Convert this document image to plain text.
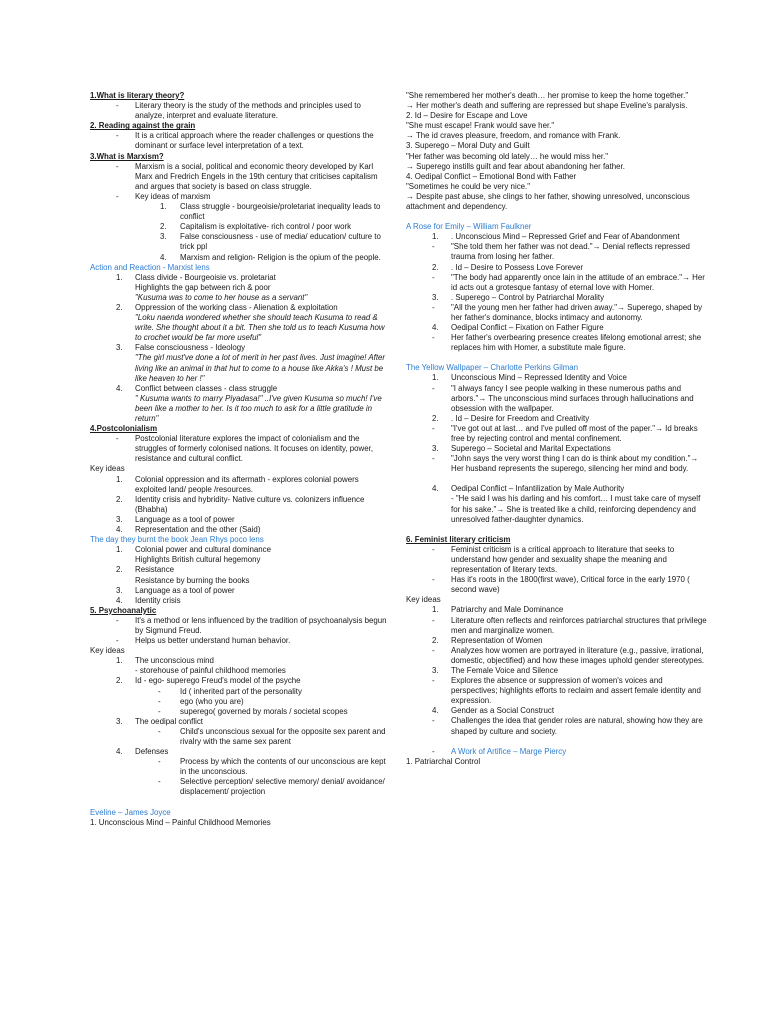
1.What is literary theory?
- Literary theory is the study of the methods and principles used to analyze, interpret and evaluate literature.
2. Reading against the grain
- It is a critical approach where the reader challenges or questions the dominant or surface level interpretation of a text.
3.What is Marxism?
- Marxism is a social, political and economic theory developed by Karl Marx and Fredrich Engels in the 19th century that criticises capitalism and argues that society is based on class struggle.
- Key ideas of marxism
1. Class struggle - bourgeoisie/proletariat inequality leads to conflict
2. Capitalism is exploitative- rich control / poor work
3. False consciousness - use of media/ education/ culture to trick ppl
4. Marxism and religion- Religion is the opium of the people.
Action and Reaction - Marxist lens
1. Class divide - Bourgeoisie vs. proletariat
Highlights the gap between rich & poor
"Kusuma was to come to her house as a servant"
2. Oppression of the working class - Alienation & exploitation
"Loku naenda wondered whether she should teach Kusuma to read & write. She thought about it a bit. Then she told us to teach Kusuma how to crochet would be far more useful"
3. False consciousness - Ideology
"The girl must've done a lot of merit in her past lives. Just imagine! After living like an animal in that hut to come to a house like Akka's ! Must be like heaven to her !"
4. Conflict between classes - class struggle
" Kusuma wants to marry Piyadasa!" ..I've given Kusuma so much! I've been like a mother to her. Is it too much to ask for a little gratitude in return"
4.Postcolonialism
- Postcolonial literature explores the impact of colonialism and the struggles of formerly colonised nations. It focuses on identity, power, resistance and cultural conflict.
Key ideas
1. Colonial oppression and its aftermath - explores colonial powers exploited land/ people /resources.
2. Identity crisis and hybridity- Native culture vs. colonizers influence (Bhabha)
3. Language as a tool of power
4. Representation and the other (Said)
The day they burnt the book Jean Rhys poco lens
1. Colonial power and cultural dominance
Highlights British cultural hegemony
2. Resistance
Resistance by burning the books
3. Language as a tool of power
4. Identity crisis
5. Psychoanalytic
- It's a method or lens influenced by the tradition of psychoanalysis begun by Sigmund Freud.
- Helps us better understand human behavior.
Key ideas
1. The unconscious mind
- storehouse of painful childhood memories
2. Id - ego- superego Freud's model of the psyche
- Id ( inherited part of the personality
- ego (who you are)
- superego( governed by morals / societal scopes
3. The oedipal conflict
- Child's unconscious sexual for the opposite sex parent and rivalry with the same sex parent
4. Defenses
- Process by which the contents of our unconscious are kept in the unconscious.
- Selective perception/ selective memory/ denial/ avoidance/ displacement/ projection
Eveline – James Joyce
1. Unconscious Mind – Painful Childhood Memories
"She remembered her mother's death… her promise to keep the home together."
→ Her mother's death and suffering are repressed but shape Eveline's paralysis.
2. Id – Desire for Escape and Love
"She must escape! Frank would save her."
→ The id craves pleasure, freedom, and romance with Frank.
3. Superego – Moral Duty and Guilt
"Her father was becoming old lately… he would miss her."
→ Superego instills guilt and fear about abandoning her father.
4. Oedipal Conflict – Emotional Bond with Father
"Sometimes he could be very nice."
→ Despite past abuse, she clings to her father, showing unresolved, unconscious attachment and dependency.
A Rose for Emily – William Faulkner
1. . Unconscious Mind – Repressed Grief and Fear of Abandonment
- "She told them her father was not dead."→ Denial reflects repressed trauma from losing her father.
2. . Id – Desire to Possess Love Forever
- "The body had apparently once lain in the attitude of an embrace."→ Her id acts out a grotesque fantasy of eternal love with Homer.
3. . Superego – Control by Patriarchal Morality
- "All the young men her father had driven away."→ Superego, shaped by her father's dominance, blocks intimacy and autonomy.
4. Oedipal Conflict – Fixation on Father Figure
- Her father's overbearing presence creates lifelong emotional arrest; she replaces him with Homer, a substitute male figure.
The Yellow Wallpaper – Charlotte Perkins Gilman
1. Unconscious Mind – Repressed Identity and Voice
- "I always fancy I see people walking in these numerous paths and arbors."→ The unconscious mind surfaces through hallucinations and obsession with the wallpaper.
2. . Id – Desire for Freedom and Creativity
- "I've got out at last… and I've pulled off most of the paper."→ Id breaks free by rejecting control and mental confinement.
3. Superego – Societal and Marital Expectations
- "John says the very worst thing I can do is think about my condition."→ Her husband represents the superego, silencing her mind and body.
4. Oedipal Conflict – Infantilization by Male Authority
- "He said I was his darling and his comfort… I must take care of myself for his sake."→ She is treated like a child, reinforcing dependency and unresolved father-daughter dynamics.
6. Feminist literary criticism
- Feminist criticism is a critical approach to literature that seeks to understand how gender and sexuality shape the meaning and representation of literary texts.
- Has it's roots in the 1800(first wave), Critical force in the early 1970 ( second wave)
Key ideas
1. Patriarchy and Male Dominance
- Literature often reflects and reinforces patriarchal structures that privilege men and marginalize women.
2. Representation of Women
- Analyzes how women are portrayed in literature (e.g., passive, irrational, domestic, objectified) and how these images uphold gender stereotypes.
3. The Female Voice and Silence
- Explores the absence or suppression of women's voices and perspectives; highlights efforts to reclaim and assert female identity and expression.
4. Gender as a Social Construct
- Challenges the idea that gender roles are natural, showing how they are shaped by culture and society.
- A Work of Artifice – Marge Piercy
1. Patriarchal Control
